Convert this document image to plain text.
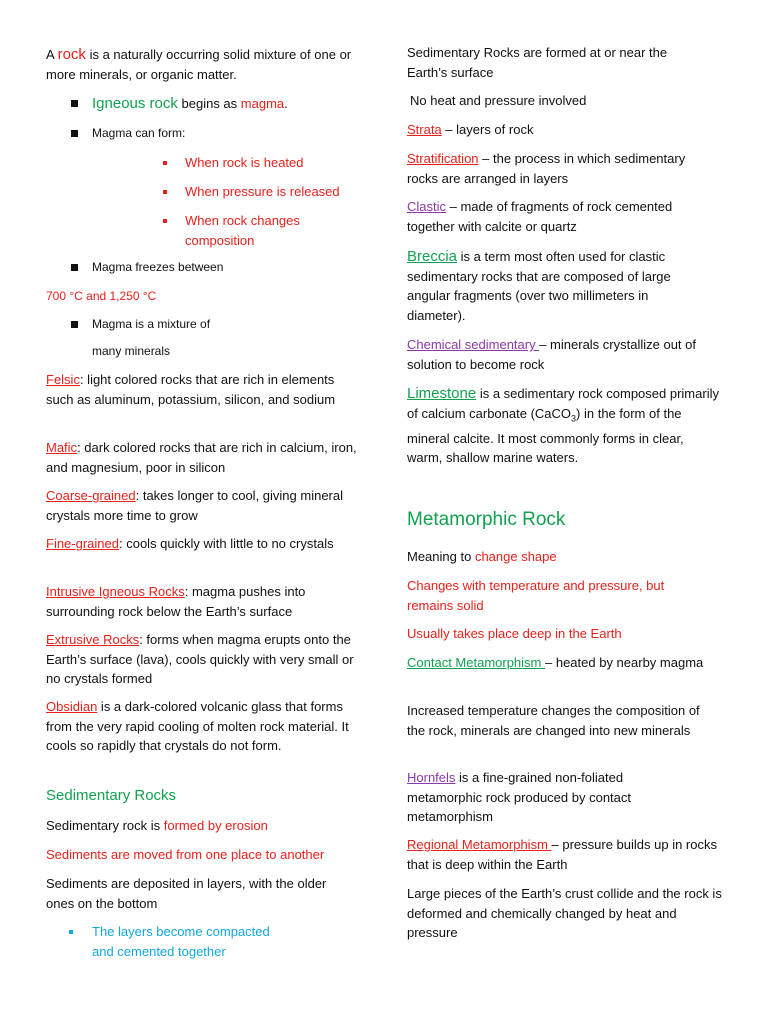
A rock is a naturally occurring solid mixture of one or more minerals, or organic matter.

Igneous rock begins as magma.

Magma can form:

When rock is heated

When pressure is released

When rock changes composition

Magma freezes between

700 °C and 1,250 °C

Magma is a mixture of

many minerals

Felsic: light colored rocks that are rich in elements such as aluminum, potassium, silicon, and sodium

Mafic: dark colored rocks that are rich in calcium, iron, and magnesium, poor in silicon

Coarse-grained: takes longer to cool, giving mineral crystals more time to grow

Fine-grained: cools quickly with little to no crystals

Intrusive Igneous Rocks: magma pushes into surrounding rock below the Earth’s surface

Extrusive Rocks: forms when magma erupts onto the Earth’s surface (lava), cools quickly with very small or no crystals formed

Obsidian is a dark-colored volcanic glass that forms from the very rapid cooling of molten rock material. It cools so rapidly that crystals do not form.

Sedimentary Rocks

Sedimentary rock is formed by erosion

Sediments are moved from one place to another

Sediments are deposited in layers, with the older ones on the bottom

The layers become compacted

and cemented together

Sedimentary Rocks are formed at or near the Earth’s surface

No heat and pressure involved

Strata – layers of rock

Stratification – the process in which sedimentary rocks are arranged in layers

Clastic – made of fragments of rock cemented together with calcite or quartz

Breccia is a term most often used for clastic sedimentary rocks that are composed of large angular fragments (over two millimeters in diameter).

Chemical sedimentary – minerals crystallize out of solution to become rock

Limestone is a sedimentary rock composed primarily of calcium carbonate (CaCO$_3$) in the form of the mineral calcite. It most commonly forms in clear, warm, shallow marine waters.

Metamorphic Rock

Meaning to change shape

Changes with temperature and pressure, but remains solid

Usually takes place deep in the Earth

Contact Metamorphism – heated by nearby magma

Increased temperature changes the composition of the rock, minerals are changed into new minerals

Hornfels is a fine-grained non-foliated metamorphic rock produced by contact metamorphism

Regional Metamorphism – pressure builds up in rocks that is deep within the Earth

Large pieces of the Earth’s crust collide and the rock is deformed and chemically changed by heat and pressure
